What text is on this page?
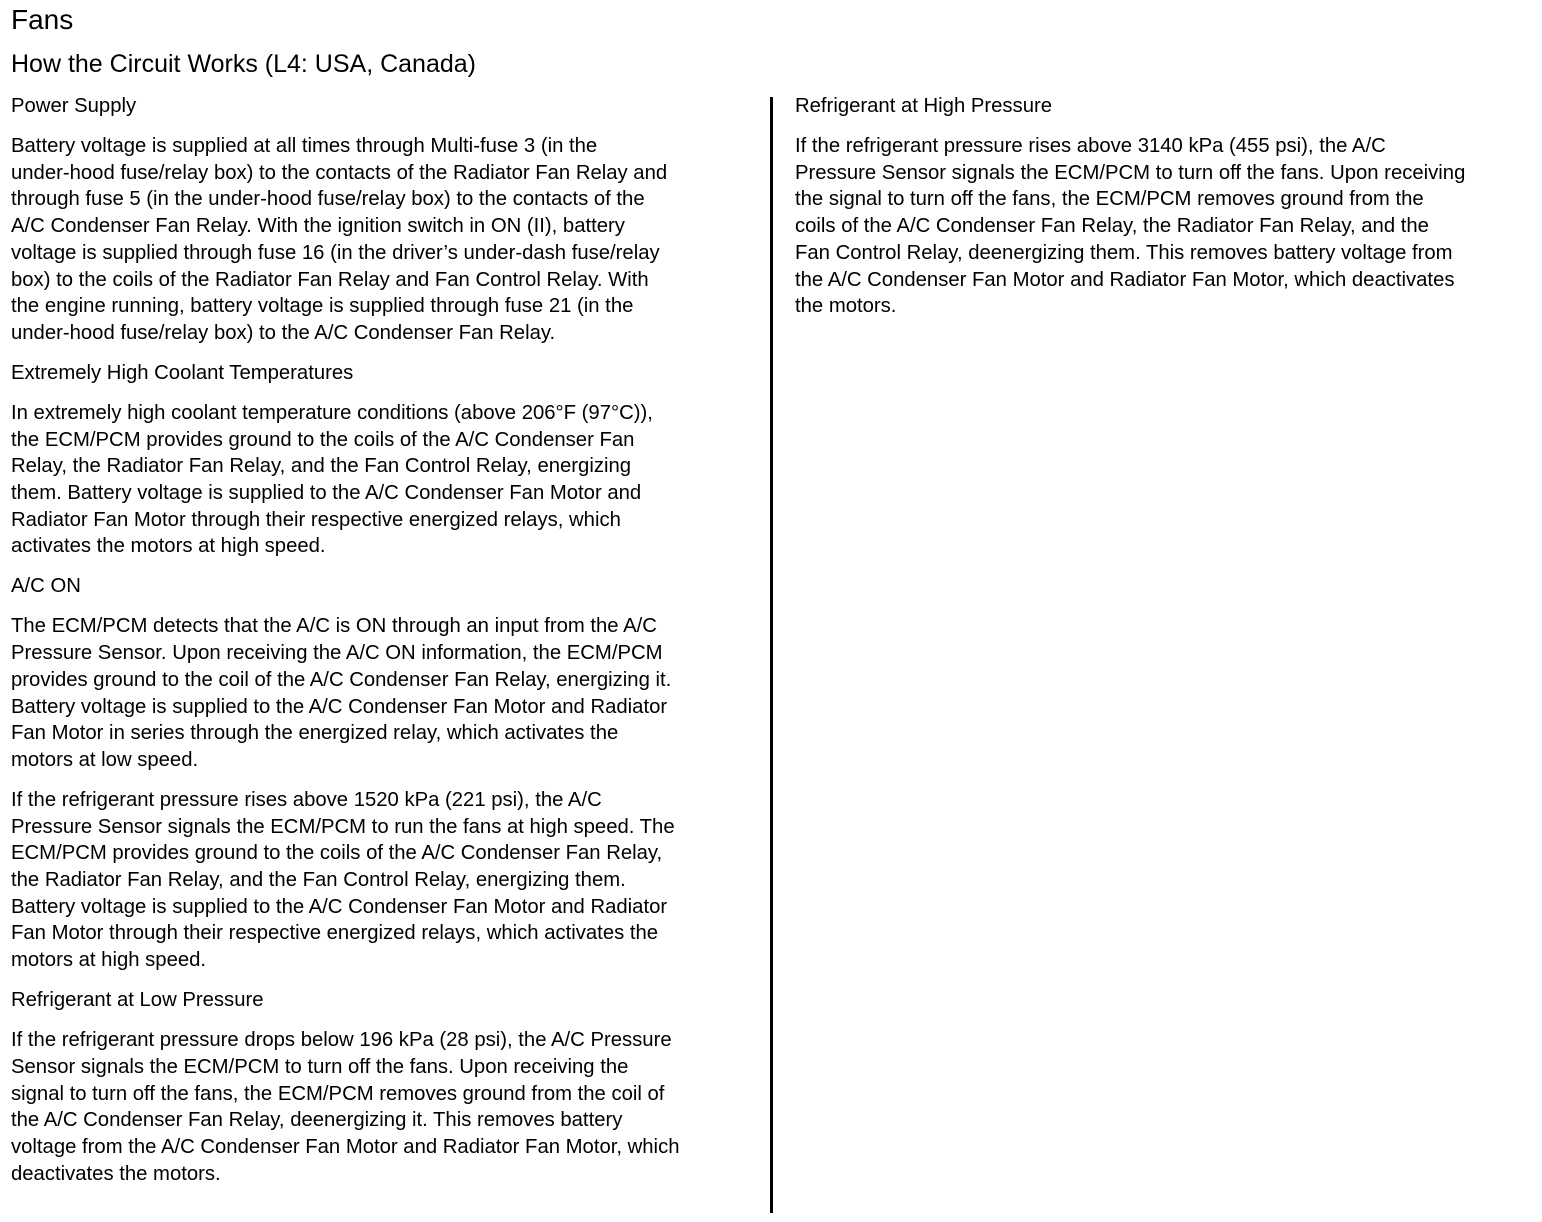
Fans
How the Circuit Works (L4: USA, Canada)
Power Supply

Battery voltage is supplied at all times through Multi-fuse 3 (in the
under-hood fuse/relay box) to the contacts of the Radiator Fan Relay and
through fuse 5 (in the under-hood fuse/relay box) to the contacts of the
A/C Condenser Fan Relay. With the ignition switch in ON (II), battery
voltage is supplied through fuse 16 (in the driver’s under-dash fuse/relay
box) to the coils of the Radiator Fan Relay and Fan Control Relay. With
the engine running, battery voltage is supplied through fuse 21 (in the
under-hood fuse/relay box) to the A/C Condenser Fan Relay.

Extremely High Coolant Temperatures

In extremely high coolant temperature conditions (above 206°F (97°C)),
the ECM/PCM provides ground to the coils of the A/C Condenser Fan
Relay, the Radiator Fan Relay, and the Fan Control Relay, energizing
them. Battery voltage is supplied to the A/C Condenser Fan Motor and
Radiator Fan Motor through their respective energized relays, which
activates the motors at high speed.

A/C ON

The ECM/PCM detects that the A/C is ON through an input from the A/C
Pressure Sensor. Upon receiving the A/C ON information, the ECM/PCM
provides ground to the coil of the A/C Condenser Fan Relay, energizing it.
Battery voltage is supplied to the A/C Condenser Fan Motor and Radiator
Fan Motor in series through the energized relay, which activates the
motors at low speed.

If the refrigerant pressure rises above 1520 kPa (221 psi), the A/C
Pressure Sensor signals the ECM/PCM to run the fans at high speed. The
ECM/PCM provides ground to the coils of the A/C Condenser Fan Relay,
the Radiator Fan Relay, and the Fan Control Relay, energizing them.
Battery voltage is supplied to the A/C Condenser Fan Motor and Radiator
Fan Motor through their respective energized relays, which activates the
motors at high speed.

Refrigerant at Low Pressure

If the refrigerant pressure drops below 196 kPa (28 psi), the A/C Pressure
Sensor signals the ECM/PCM to turn off the fans. Upon receiving the
signal to turn off the fans, the ECM/PCM removes ground from the coil of
the A/C Condenser Fan Relay, deenergizing it. This removes battery
voltage from the A/C Condenser Fan Motor and Radiator Fan Motor, which
deactivates the motors.

Refrigerant at High Pressure

If the refrigerant pressure rises above 3140 kPa (455 psi), the A/C
Pressure Sensor signals the ECM/PCM to turn off the fans. Upon receiving
the signal to turn off the fans, the ECM/PCM removes ground from the
coils of the A/C Condenser Fan Relay, the Radiator Fan Relay, and the
Fan Control Relay, deenergizing them. This removes battery voltage from
the A/C Condenser Fan Motor and Radiator Fan Motor, which deactivates
the motors.
